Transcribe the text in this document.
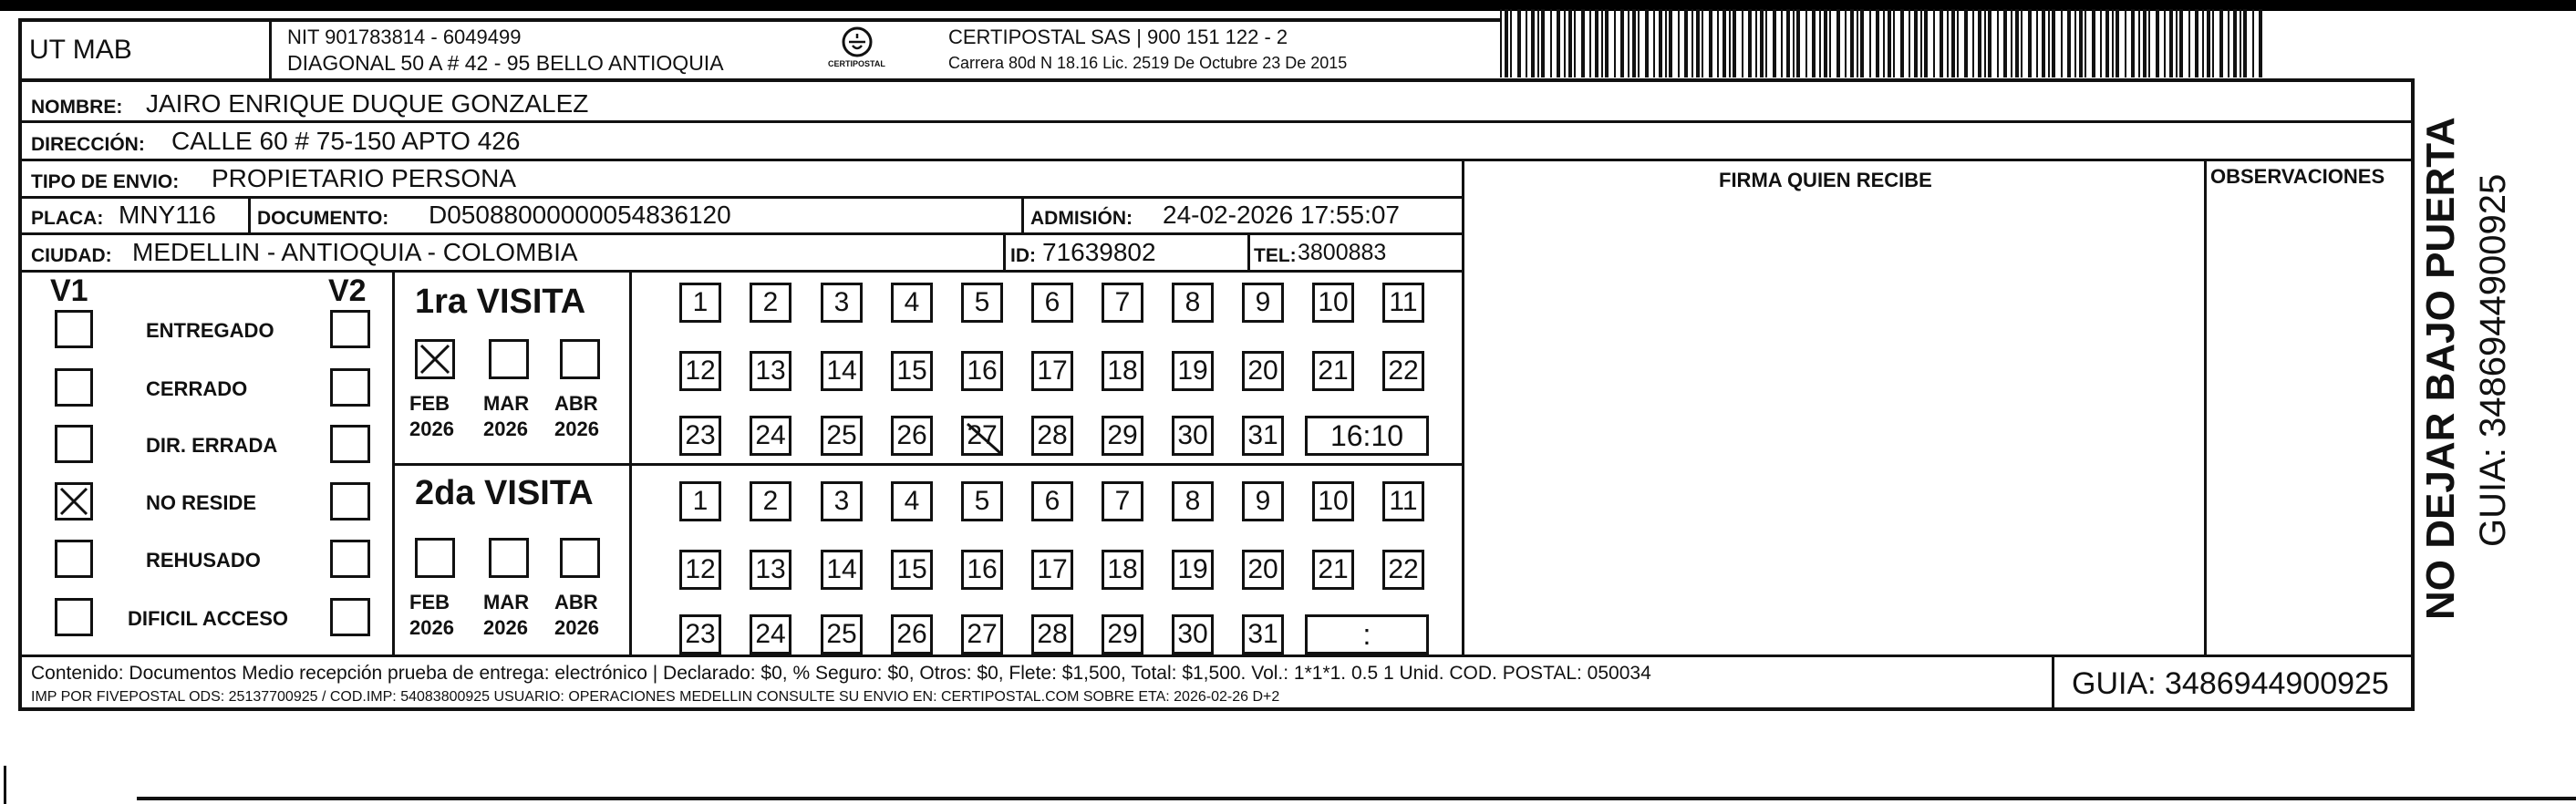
UT MAB	NIT 901783814 - 6049499
DIAGONAL 50 A # 42 - 95 BELLO ANTIOQUIA	CERTIPOSTAL
CERTIPOSTAL SAS | 900 151 122 - 2
Carrera 80d N 18.16 Lic. 2519 De Octubre 23 De 2015
NOMBRE: JAIRO ENRIQUE DUQUE GONZALEZ
DIRECCIÓN: CALLE 60 # 75-150 APTO 426
TIPO DE ENVIO: PROPIETARIO PERSONA	FIRMA QUIEN RECIBE	OBSERVACIONES
PLACA: MNY116 DOCUMENTO: D05088000000054836120	ADMISIÓN: 24-02-2026 17:55:07
CIUDAD: MEDELLIN - ANTIOQUIA - COLOMBIA	ID: 71639802	TEL: 3800883
V1	V2 1ra VISITA
2da VISITA
Contenido: Documentos Medio recepción prueba de entrega: electrónico | Declarado: $0, % Seguro: $0, Otros: $0, Flete: $1,500, Total: $1,500. Vol.: 1*1*1. 0.5 1 Unid. COD. POSTAL: 050034
IMP POR FIVEPOSTAL ODS: 25137700925 / COD.IMP: 54083800925 USUARIO: OPERACIONES MEDELLIN CONSULTE SU ENVIO EN: CERTIPOSTAL.COM SOBRE ETA: 2026-02-26 D+2	GUIA: 3486944900925
NO DEJAR BAJO PUERTA GUIA: 3486944900925
ENTREGADO
CERRADO
DIR. ERRADA
NO RESIDE
REHUSADO
DIFICIL ACCESO
FEB
2026
MAR
2026
ABR
2026
FEB
2026
MAR
2026
ABR
2026
1	2	3	4	5	6	7	8	9	10 11
12 13 14 15 16 17 18 19 20 21 22
23 24 25 26 27 28 29 30 31	16:10
1	2	3	4	5	6	7	8	9	10 11
12 13 14 15 16 17 18 19 20 21 22
23 24 25 26 27 28 29 30 31	:
